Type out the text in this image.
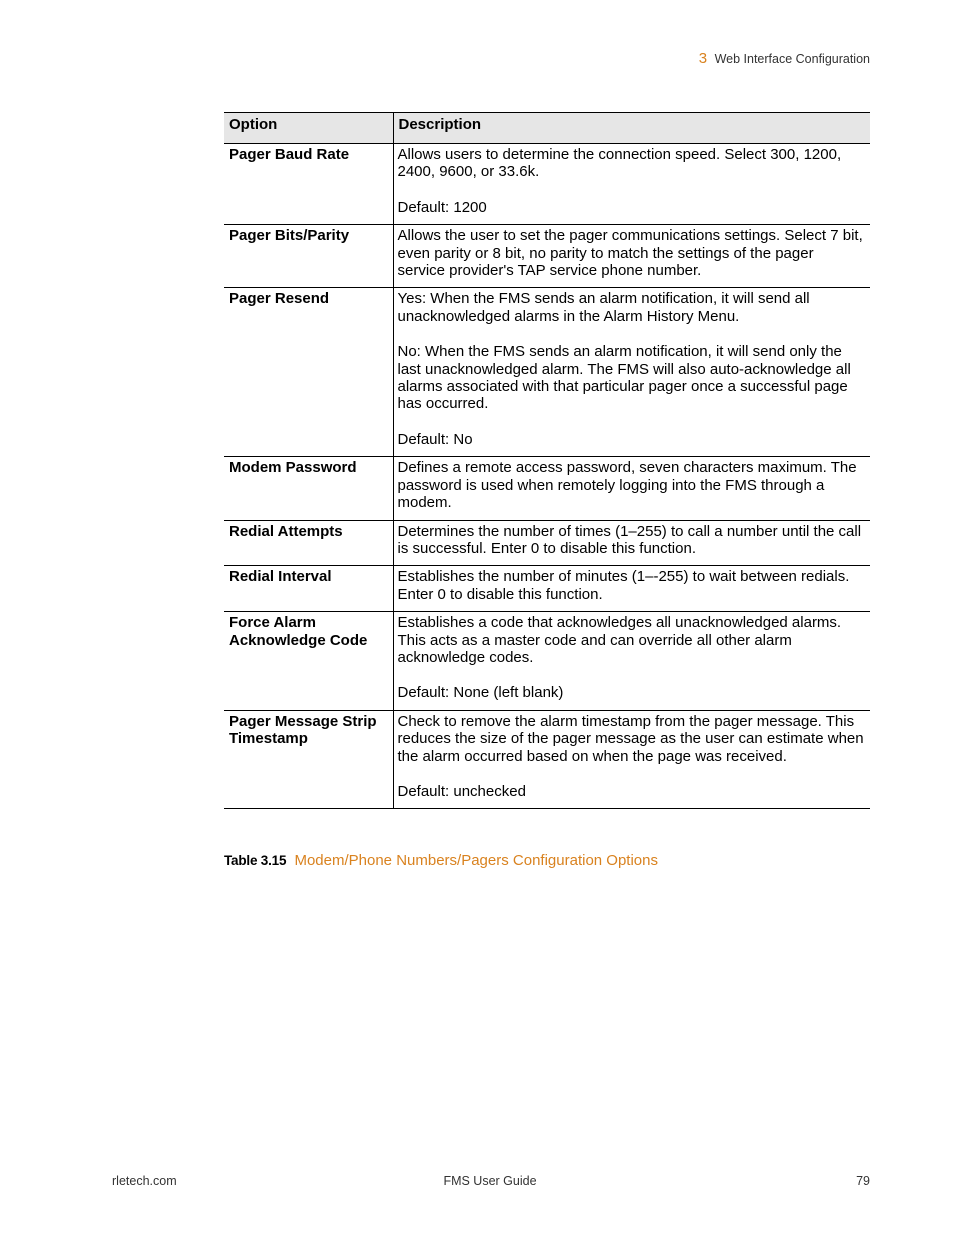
3 Web Interface Configuration
Option	Description
Pager Baud Rate	Allows users to determine the connection speed. Select 300, 1200, 2400, 9600, or 33.6k.

Default: 1200

Pager Bits/Parity	Allows the user to set the pager communications settings. Select 7 bit, even parity or 8 bit, no parity to match the settings of the pager service provider's TAP service phone number.

Pager Resend	Yes: When the FMS sends an alarm notification, it will send all unacknowledged alarms in the Alarm History Menu.

No: When the FMS sends an alarm notification, it will send only the last unacknowledged alarm. The FMS will also auto-acknowledge all alarms associated with that particular pager once a successful page has occurred.

Default: No

Modem Password	Defines a remote access password, seven characters maximum. The password is used when remotely logging into the FMS through a modem.

Redial Attempts	Determines the number of times (1–255) to call a number until the call is successful. Enter 0 to disable this function.

Redial Interval	Establishes the number of minutes (1–-255) to wait between redials. Enter 0 to disable this function.

Force Alarm Acknowledge Code	Establishes a code that acknowledges all unacknowledged alarms. This acts as a master code and can override all other alarm acknowledge codes.

Default: None (left blank)

Pager Message Strip Timestamp	Check to remove the alarm timestamp from the pager message. This reduces the size of the pager message as the user can estimate when the alarm occurred based on when the page was received.

Default: unchecked

Table 3.15 Modem/Phone Numbers/Pagers Configuration Options
rletech.com	FMS User Guide	79
